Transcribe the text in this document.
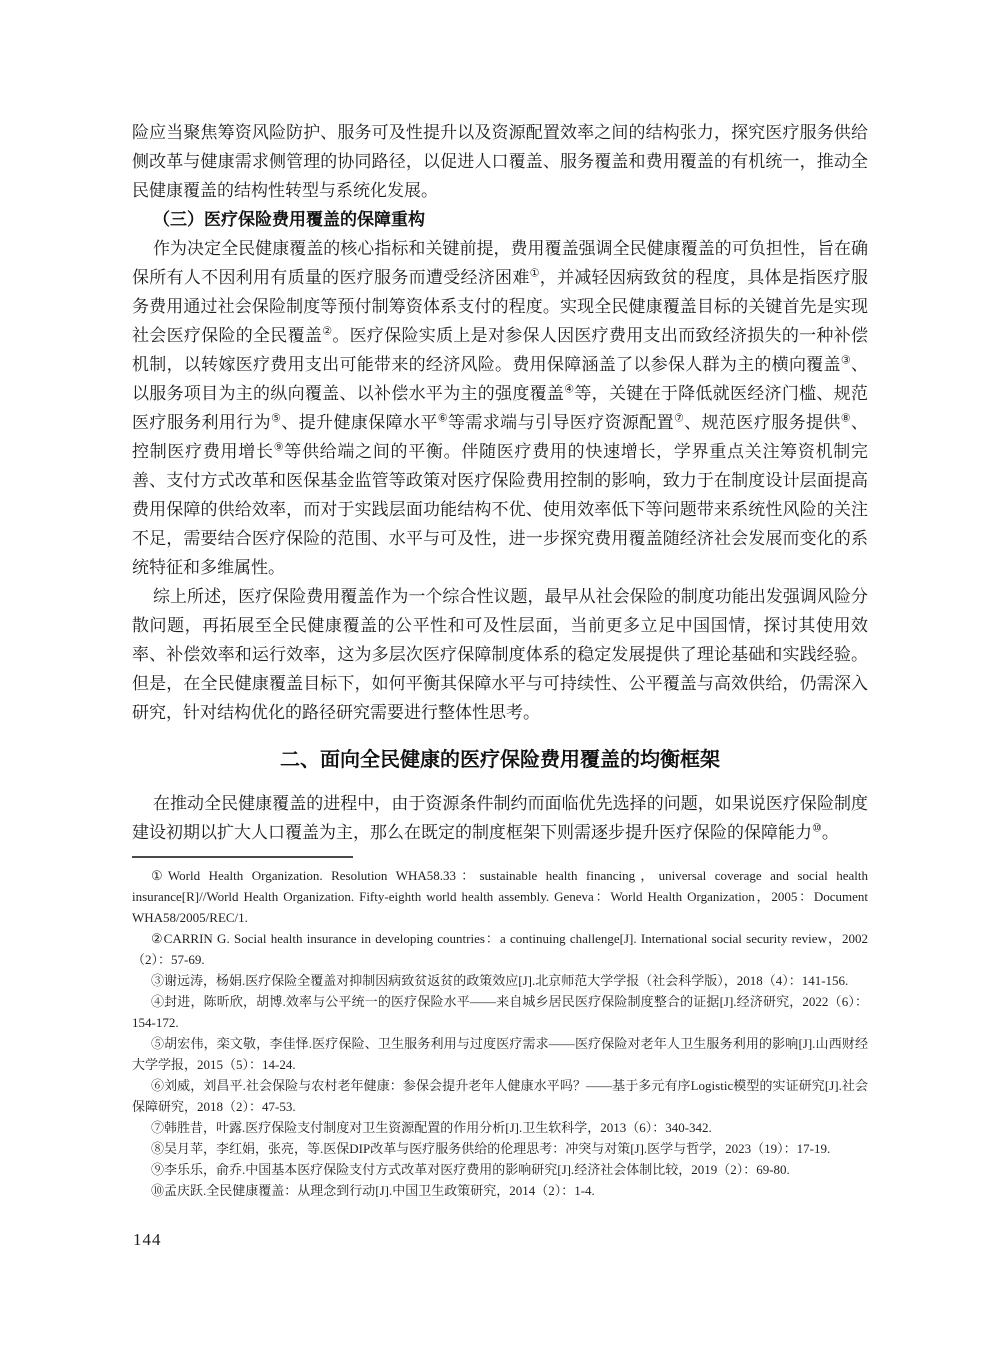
险应当聚焦筹资风险防护、服务可及性提升以及资源配置效率之间的结构张力，探究医疗服务供给侧改革与健康需求侧管理的协同路径，以促进人口覆盖、服务覆盖和费用覆盖的有机统一，推动全民健康覆盖的结构性转型与系统化发展。

（三）医疗保险费用覆盖的保障重构

作为决定全民健康覆盖的核心指标和关键前提，费用覆盖强调全民健康覆盖的可负担性，旨在确保所有人不因利用有质量的医疗服务而遭受经济困难①，并减轻因病致贫的程度，具体是指医疗服务费用通过社会保险制度等预付制筹资体系支付的程度。实现全民健康覆盖目标的关键首先是实现社会医疗保险的全民覆盖②。医疗保险实质上是对参保人因医疗费用支出而致经济损失的一种补偿机制，以转嫁医疗费用支出可能带来的经济风险。费用保障涵盖了以参保人群为主的横向覆盖③、以服务项目为主的纵向覆盖、以补偿水平为主的强度覆盖④等，关键在于降低就医经济门槛、规范医疗服务利用行为⑤、提升健康保障水平⑥等需求端与引导医疗资源配置⑦、规范医疗服务提供⑧、控制医疗费用增长⑨等供给端之间的平衡。伴随医疗费用的快速增长，学界重点关注筹资机制完善、支付方式改革和医保基金监管等政策对医疗保险费用控制的影响，致力于在制度设计层面提高费用保障的供给效率，而对于实践层面功能结构不优、使用效率低下等问题带来系统性风险的关注不足，需要结合医疗保险的范围、水平与可及性，进一步探究费用覆盖随经济社会发展而变化的系统特征和多维属性。

综上所述，医疗保险费用覆盖作为一个综合性议题，最早从社会保险的制度功能出发强调风险分散问题，再拓展至全民健康覆盖的公平性和可及性层面，当前更多立足中国国情，探讨其使用效率、补偿效率和运行效率，这为多层次医疗保障制度体系的稳定发展提供了理论基础和实践经验。但是，在全民健康覆盖目标下，如何平衡其保障水平与可持续性、公平覆盖与高效供给，仍需深入研究，针对结构优化的路径研究需要进行整体性思考。

二、面向全民健康的医疗保险费用覆盖的均衡框架

在推动全民健康覆盖的进程中，由于资源条件制约而面临优先选择的问题，如果说医疗保险制度建设初期以扩大人口覆盖为主，那么在既定的制度框架下则需逐步提升医疗保险的保障能力⑩。

①World Health Organization. Resolution WHA58.33：sustainable health financing，universal coverage and social health insurance[R]//World Health Organization. Fifty-eighth world health assembly. Geneva：World Health Organization，2005：Document WHA58/2005/REC/1.

②CARRIN G. Social health insurance in developing countries：a continuing challenge[J]. International social security review，2002（2）：57-69.

③谢远涛，杨娟.医疗保险全覆盖对抑制因病致贫返贫的政策效应[J].北京师范大学学报（社会科学版），2018（4）：141-156.

④封进，陈昕欣，胡博.效率与公平统一的医疗保险水平——来自城乡居民医疗保险制度整合的证据[J].经济研究，2022（6）：154-172.

⑤胡宏伟，栾文敬，李佳怿.医疗保险、卫生服务利用与过度医疗需求——医疗保险对老年人卫生服务利用的影响[J].山西财经大学学报，2015（5）：14-24.

⑥刘威，刘昌平.社会保险与农村老年健康：参保会提升老年人健康水平吗？——基于多元有序Logistic模型的实证研究[J].社会保障研究，2018（2）：47-53.

⑦韩胜昔，叶露.医疗保险支付制度对卫生资源配置的作用分析[J].卫生软科学，2013（6）：340-342.

⑧吴月苹，李红娟，张亮，等.医保DIP改革与医疗服务供给的伦理思考：冲突与对策[J].医学与哲学，2023（19）：17-19.

⑨李乐乐，俞乔.中国基本医疗保险支付方式改革对医疗费用的影响研究[J].经济社会体制比较，2019（2）：69-80.

⑩孟庆跃.全民健康覆盖：从理念到行动[J].中国卫生政策研究，2014（2）：1-4.

144
